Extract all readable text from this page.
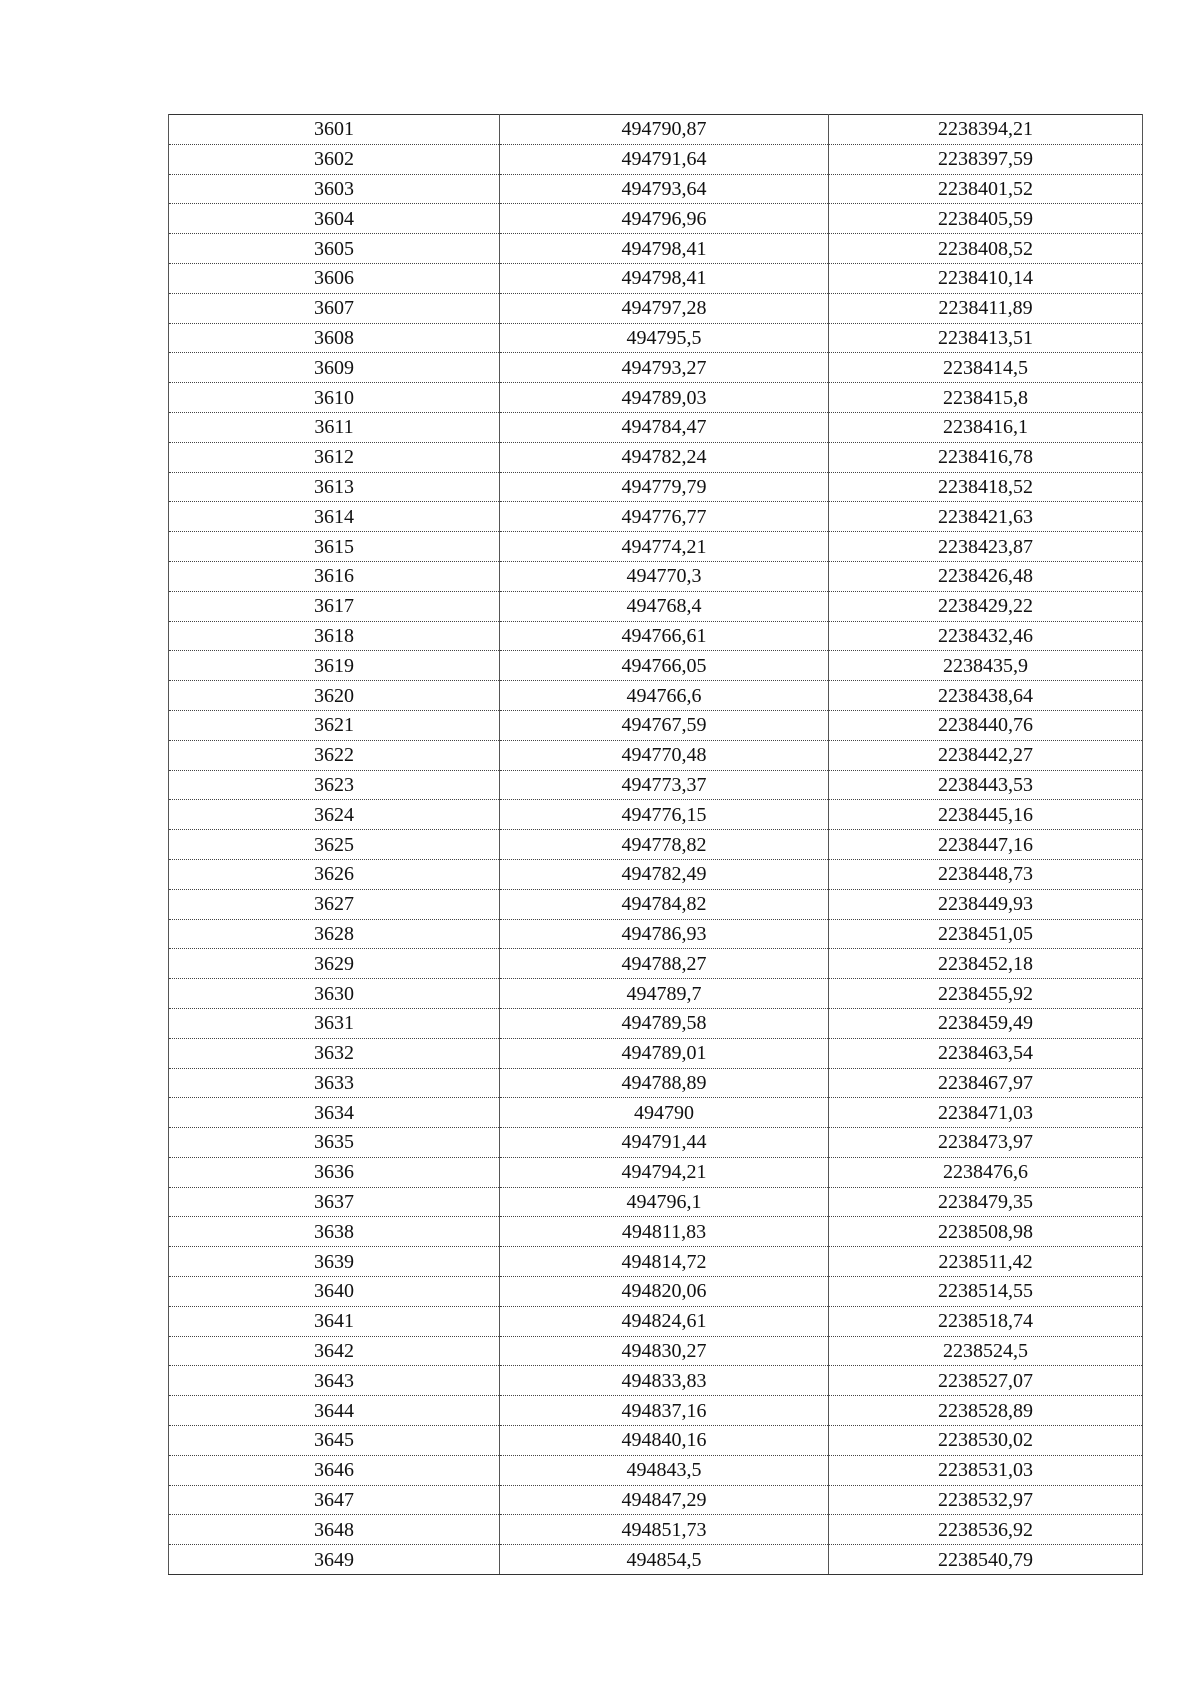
3601	494790,87	2238394,21
3602	494791,64	2238397,59
3603	494793,64	2238401,52
3604	494796,96	2238405,59
3605	494798,41	2238408,52
3606	494798,41	2238410,14
3607	494797,28	2238411,89
3608	494795,5	2238413,51
3609	494793,27	2238414,5
3610	494789,03	2238415,8
3611	494784,47	2238416,1
3612	494782,24	2238416,78
3613	494779,79	2238418,52
3614	494776,77	2238421,63
3615	494774,21	2238423,87
3616	494770,3	2238426,48
3617	494768,4	2238429,22
3618	494766,61	2238432,46
3619	494766,05	2238435,9
3620	494766,6	2238438,64
3621	494767,59	2238440,76
3622	494770,48	2238442,27
3623	494773,37	2238443,53
3624	494776,15	2238445,16
3625	494778,82	2238447,16
3626	494782,49	2238448,73
3627	494784,82	2238449,93
3628	494786,93	2238451,05
3629	494788,27	2238452,18
3630	494789,7	2238455,92
3631	494789,58	2238459,49
3632	494789,01	2238463,54
3633	494788,89	2238467,97
3634	494790	2238471,03
3635	494791,44	2238473,97
3636	494794,21	2238476,6
3637	494796,1	2238479,35
3638	494811,83	2238508,98
3639	494814,72	2238511,42
3640	494820,06	2238514,55
3641	494824,61	2238518,74
3642	494830,27	2238524,5
3643	494833,83	2238527,07
3644	494837,16	2238528,89
3645	494840,16	2238530,02
3646	494843,5	2238531,03
3647	494847,29	2238532,97
3648	494851,73	2238536,92
3649	494854,5	2238540,79
